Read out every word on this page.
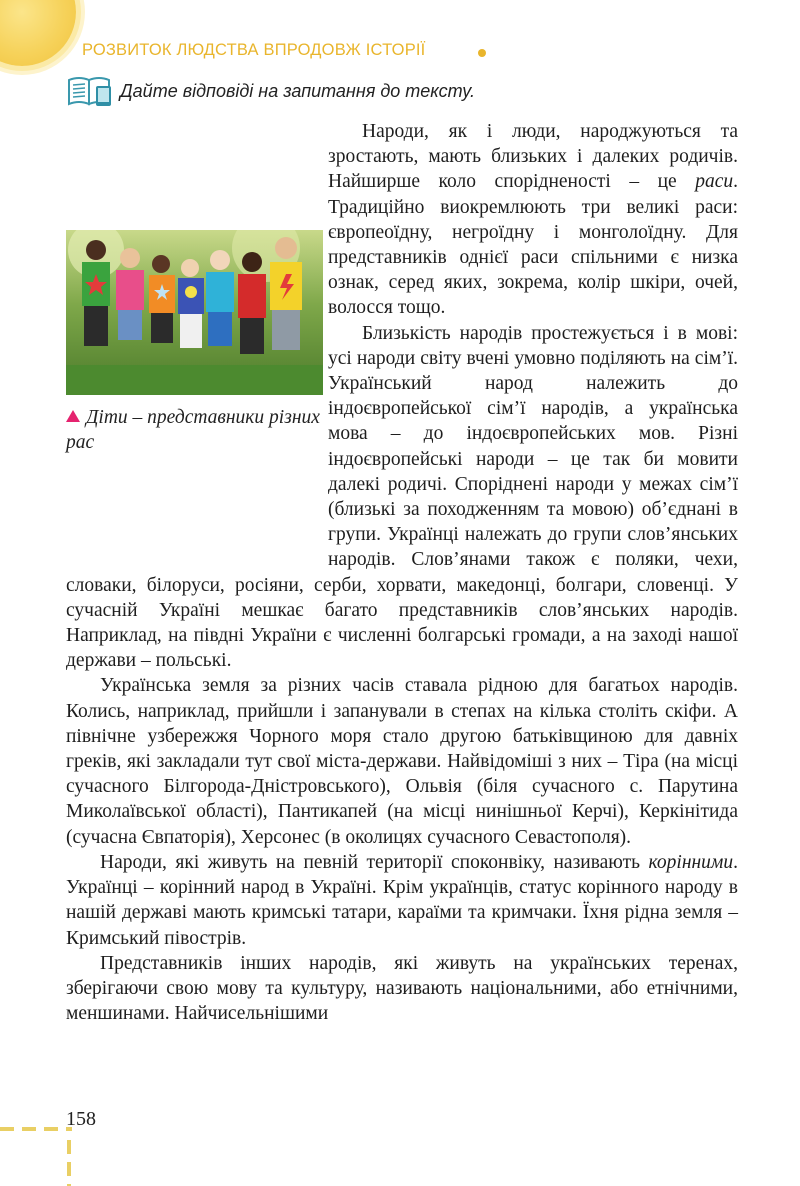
РОЗВИТОК ЛЮДСТВА ВПРОДОВЖ ІСТОРІЇ
Дайте відповіді на запитання до тексту.
Діти – представники різних рас

Народи, як і люди, народжуються та зростають, мають близьких і далеких родичів. Найширше коло спорідненості – це раси. Традиційно виокремлюють три великі раси: європеоїдну, негроїдну і монголоїдну. Для представників однієї раси спільними є низка ознак, серед яких, зокрема, колір шкіри, очей, волосся тощо.

Близькість народів простежується і в мові: усі народи світу вчені умовно поділяють на сім’ї. Український народ належить до індоєвропейської сім’ї народів, а українська мова – до індоєвропейських мов. Різні індоєвропейські народи – це так би мовити далекі родичі. Споріднені народи у межах сім’ї (близькі за походженням та мовою) об’єднані в групи. Українці належать до групи слов’янських народів. Слов’янами також є поляки, чехи, словаки, білоруси, росіяни, серби, хорвати, македонці, болгари, словенці. У сучасній Україні мешкає багато представників слов’янських народів. Наприклад, на півдні України є численні болгарські громади, а на заході нашої держави – польські.

Українська земля за різних часів ставала рідною для багатьох народів. Колись, наприклад, прийшли і запанували в степах на кілька століть скіфи. А північне узбережжя Чорного моря стало другою батьківщиною для давніх греків, які закладали тут свої міста-держави. Найвідоміші з них – Тіра (на місці сучасного Білгорода-Дністровського), Ольвія (біля сучасного с. Парутина Миколаївської області), Пантикапей (на місці нинішньої Керчі), Керкінітида (сучасна Євпаторія), Херсонес (в околицях сучасного Севастополя).

Народи, які живуть на певній території споконвіку, називають корінними. Українці – корінний народ в Україні. Крім українців, статус корінного народу в нашій державі мають кримські татари, караїми та кримчаки. Їхня рідна земля – Кримський півострів.

Представників інших народів, які живуть на українських теренах, зберігаючи свою мову та культуру, називають національними, або етнічними, меншинами. Найчисельнішими

158
